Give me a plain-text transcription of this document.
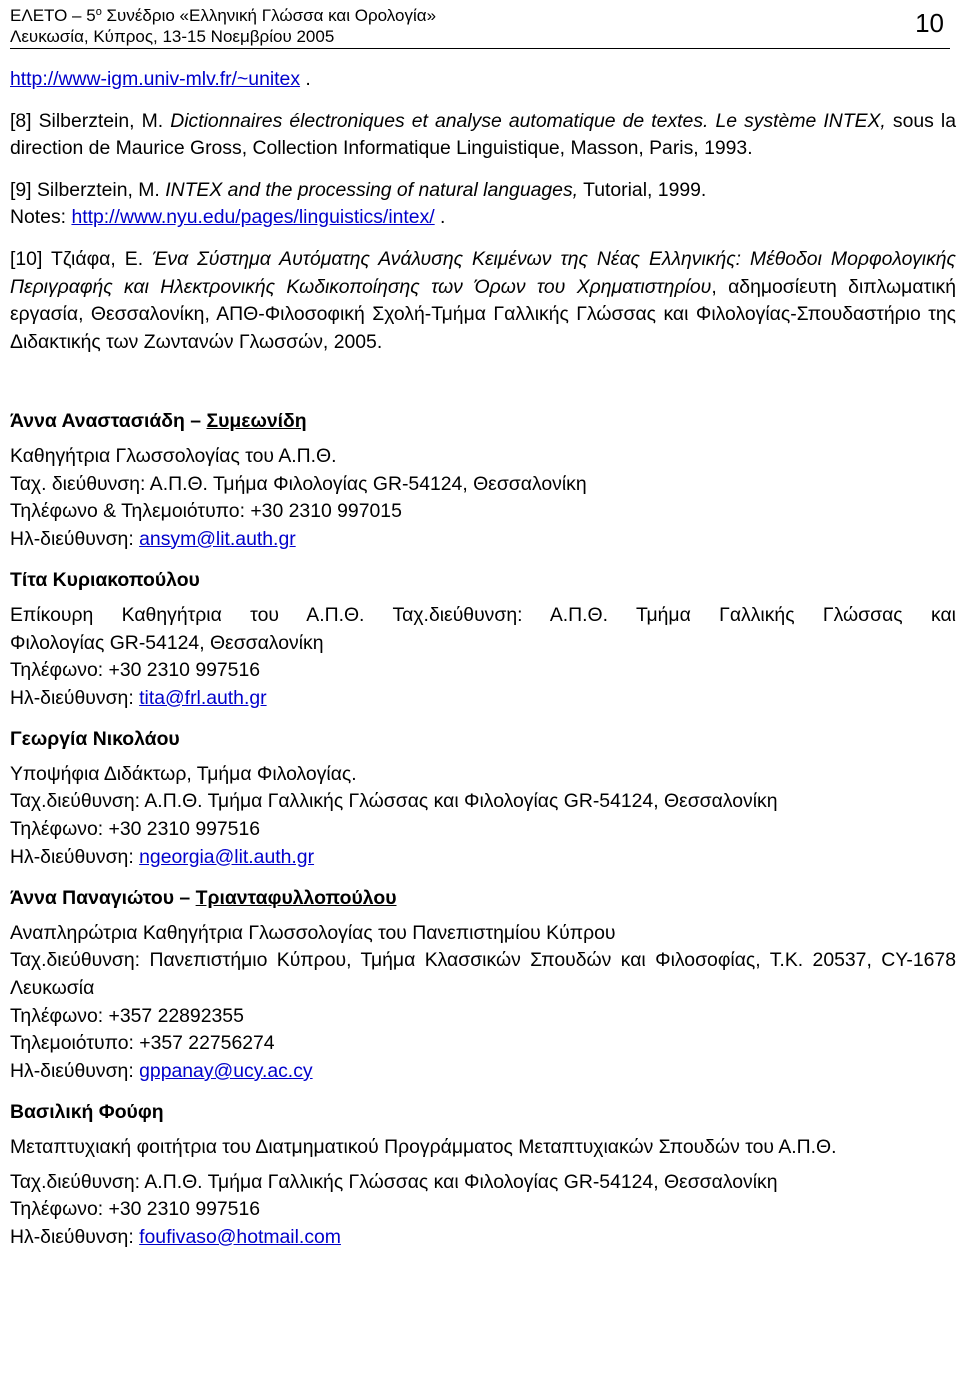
ΕΛΕΤΟ – $5^o$ Συνέδριο «Ελληνική Γλώσσα και Ορολογία»
Λευκωσία, Κύπρος, 13-15 Νοεμβρίου 2005	10

http://www-igm.univ-mlv.fr/~unitex .

[8] Silberztein, M. Dictionnaires électroniques et analyse automatique de textes. Le système INTEX, sous la direction de Maurice Gross, Collection Informatique Linguistique, Masson, Paris, 1993.

[9] Silberztein, M. INTEX and the processing of natural languages, Tutorial, 1999.
Notes: http://www.nyu.edu/pages/linguistics/intex/ .

[10] Τζιάφα, Ε. Ένα Σύστημα Αυτόματης Ανάλυσης Κειμένων της Νέας Ελληνικής: Μέθοδοι Μορφολογικής Περιγραφής και Ηλεκτρονικής Κωδικοποίησης των Όρων του Χρηματιστηρίου, αδημοσίευτη διπλωματική εργασία, Θεσσαλονίκη, ΑΠΘ-Φιλοσοφική Σχολή-Τμήμα Γαλλικής Γλώσσας και Φιλολογίας-Σπουδαστήριο της Διδακτικής των Ζωντανών Γλωσσών, 2005.

Άννα Αναστασιάδη – Συμεωνίδη

Καθηγήτρια Γλωσσολογίας του Α.Π.Θ.

Ταχ. διεύθυνση: Α.Π.Θ. Τμήμα Φιλολογίας GR-54124, Θεσσαλονίκη

Τηλέφωνο & Τηλεμοιότυπο: +30 2310 997015

Ηλ-διεύθυνση: ansym@lit.auth.gr

Τίτα Κυριακοπούλου

Επίκουρη Καθηγήτρια του Α.Π.Θ. Ταχ.διεύθυνση: Α.Π.Θ. Τμήμα Γαλλικής Γλώσσας και

Φιλολογίας GR-54124, Θεσσαλονίκη

Τηλέφωνο: +30 2310 997516

Ηλ-διεύθυνση: tita@frl.auth.gr

Γεωργία Νικολάου

Υποψήφια Διδάκτωρ, Τμήμα Φιλολογίας.

Ταχ.διεύθυνση: Α.Π.Θ. Τμήμα Γαλλικής Γλώσσας και Φιλολογίας GR-54124, Θεσσαλονίκη

Τηλέφωνο: +30 2310 997516

Ηλ-διεύθυνση: ngeorgia@lit.auth.gr

Άννα Παναγιώτου – Τριανταφυλλοπούλου

Αναπληρώτρια Καθηγήτρια Γλωσσολογίας του Πανεπιστημίου Κύπρου

Ταχ.διεύθυνση: Πανεπιστήμιο Κύπρου, Τμήμα Κλασσικών Σπουδών και Φιλοσοφίας, Τ.Κ. 20537, CY-1678 Λευκωσία

Τηλέφωνο: +357 22892355

Τηλεμοιότυπο: +357 22756274

Ηλ-διεύθυνση: gppanay@ucy.ac.cy

Βασιλική Φούφη

Μεταπτυχιακή φοιτήτρια του Διατμηματικού Προγράμματος Μεταπτυχιακών Σπουδών του Α.Π.Θ.

Ταχ.διεύθυνση: Α.Π.Θ. Τμήμα Γαλλικής Γλώσσας και Φιλολογίας GR-54124, Θεσσαλονίκη

Τηλέφωνο: +30 2310 997516

Ηλ-διεύθυνση: foufivaso@hotmail.com
